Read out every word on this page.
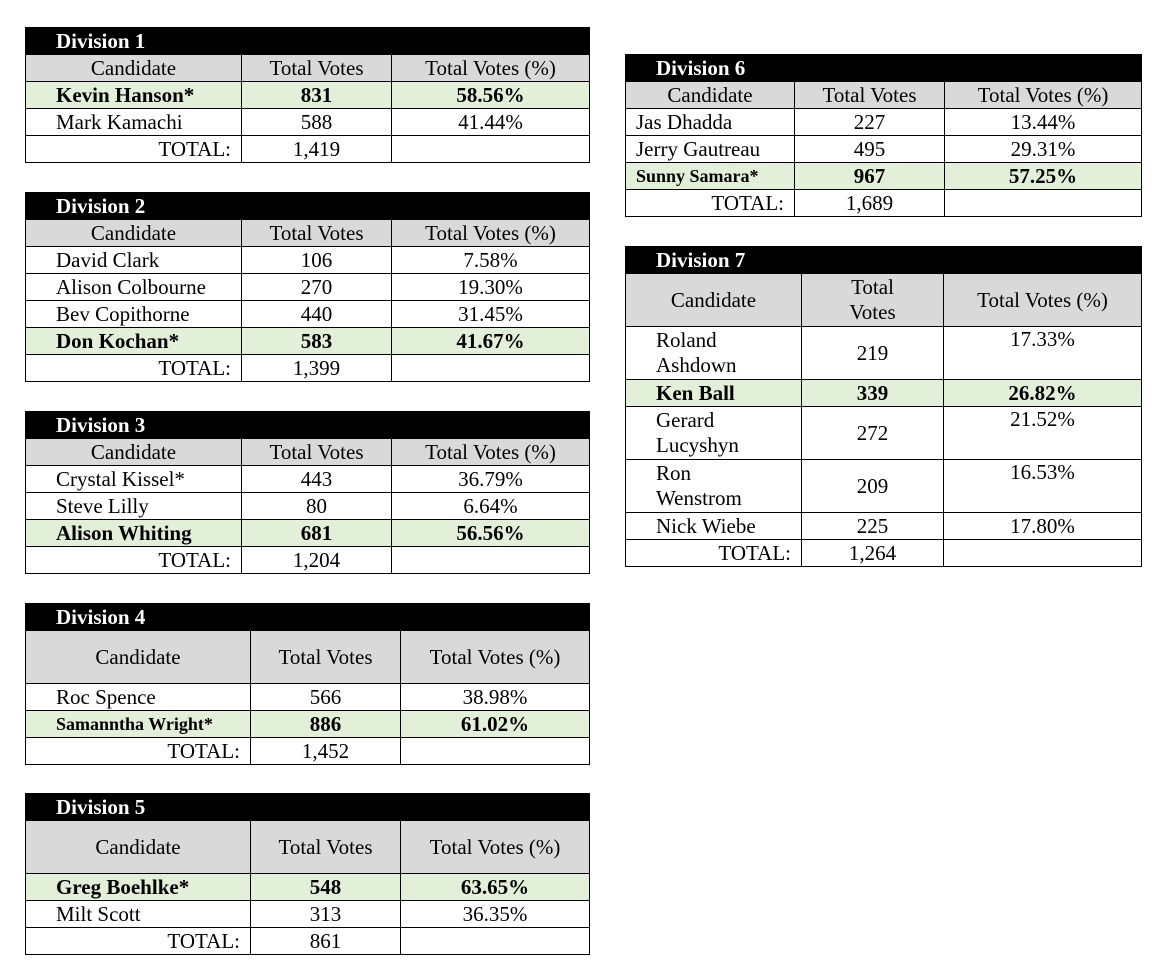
Division 1		
Candidate	Total Votes	Total Votes (%)
Kevin Hanson*	831	58.56%
Mark Kamachi	588	41.44%
TOTAL:	1,419	
Division 2		
Candidate	Total Votes	Total Votes (%)
David Clark	106	7.58%
Alison Colbourne	270	19.30%
Bev Copithorne	440	31.45%
Don Kochan*	583	41.67%
TOTAL:	1,399	
Division 3		
Candidate	Total Votes	Total Votes (%)
Crystal Kissel*	443	36.79%
Steve Lilly	80	6.64%
Alison Whiting	681	56.56%
TOTAL:	1,204	
Division 4		
Candidate	Total Votes	Total Votes (%)
Roc Spence	566	38.98%
Samanntha Wright*	886	61.02%
TOTAL:	1,452	
Division 5		
Candidate	Total Votes	Total Votes (%)
Greg Boehlke*	548	63.65%
Milt Scott	313	36.35%
TOTAL:	861	
Division 6		
Candidate	Total Votes	Total Votes (%)
Jas Dhadda	227	13.44%
Jerry Gautreau	495	29.31%
Sunny Samara*	967	57.25%
TOTAL:	1,689	
Division 7		
Candidate	Total Votes	Total Votes (%)
Roland Ashdown	219	17.33%
Ken Ball	339	26.82%
Gerard Lucyshyn	272	21.52%
Ron Wenstrom	209	16.53%
Nick Wiebe	225	17.80%
TOTAL:	1,264	
